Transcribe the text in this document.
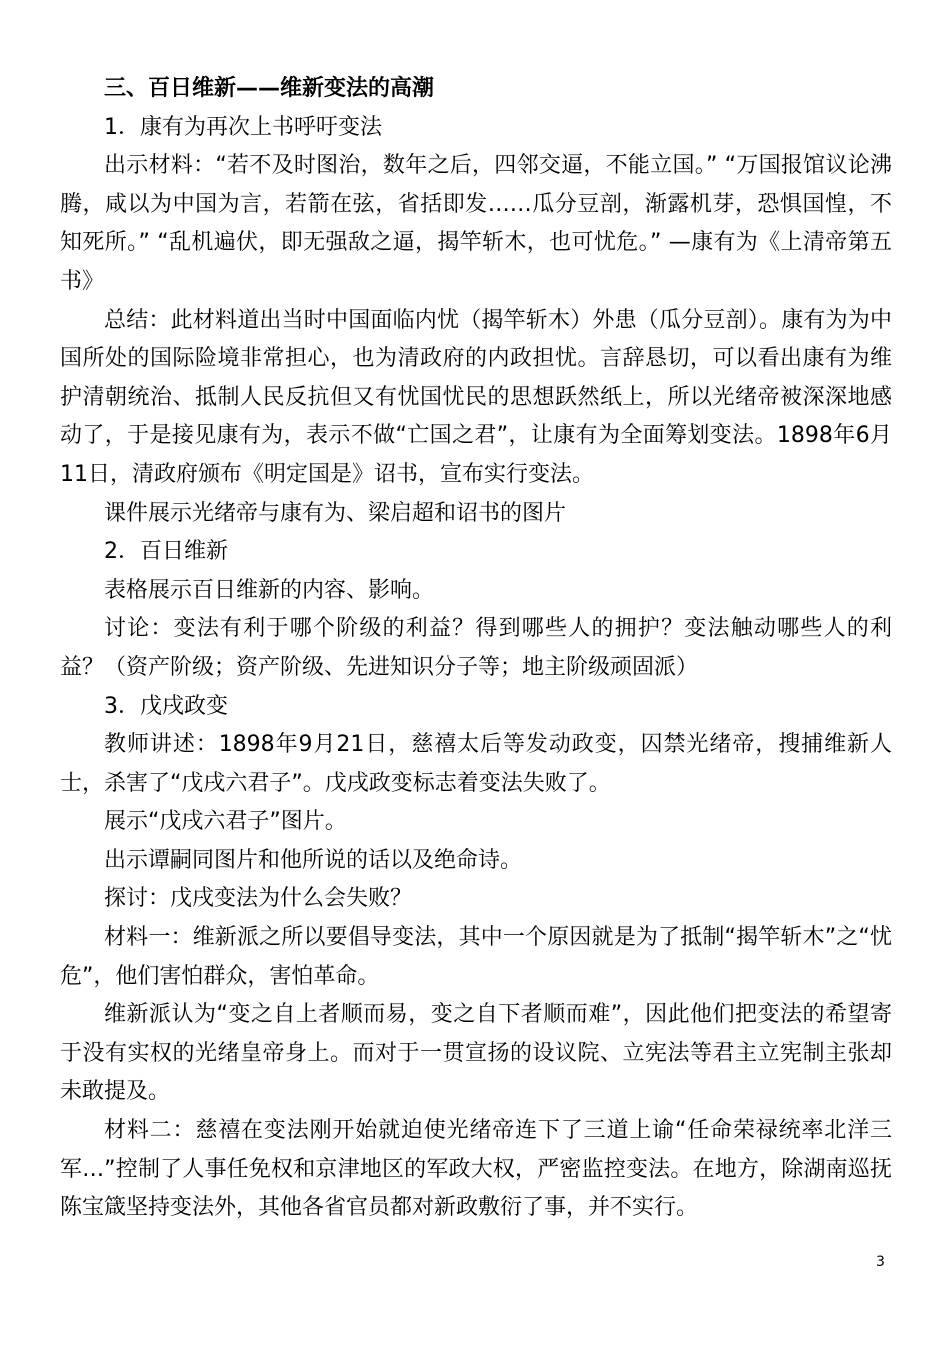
三、百日维新——维新变法的高潮

1．康有为再次上书呼吁变法

出示材料：“若不及时图治，数年之后，四邻交逼，不能立国。” “万国报馆议论沸腾，咸以为中国为言，若箭在弦，省括即发……瓜分豆剖，渐露机芽，恐惧国惶，不知死所。” “乱机遍伏，即无强敌之逼，揭竿斩木，也可忧危。” —康有为《上清帝第五书》

总结：此材料道出当时中国面临内忧（揭竿斩木）外患（瓜分豆剖）。康有为为中国所处的国际险境非常担心，也为清政府的内政担忧。言辞恳切，可以看出康有为维护清朝统治、抵制人民反抗但又有忧国忧民的思想跃然纸上，所以光绪帝被深深地感动了，于是接见康有为，表示不做“亡国之君”，让康有为全面筹划变法。1898年6月11日，清政府颁布《明定国是》诏书，宣布实行变法。

课件展示光绪帝与康有为、梁启超和诏书的图片

2．百日维新

表格展示百日维新的内容、影响。

讨论：变法有利于哪个阶级的利益？得到哪些人的拥护？变法触动哪些人的利益？（资产阶级；资产阶级、先进知识分子等；地主阶级顽固派）

3．戊戌政变

教师讲述：1898年9月21日，慈禧太后等发动政变，囚禁光绪帝，搜捕维新人士，杀害了“戊戌六君子”。戊戌政变标志着变法失败了。

展示“戊戌六君子”图片。

出示谭嗣同图片和他所说的话以及绝命诗。

探讨：戊戌变法为什么会失败？

材料一：维新派之所以要倡导变法，其中一个原因就是为了抵制“揭竿斩木”之“忧危”，他们害怕群众，害怕革命。

维新派认为“变之自上者顺而易，变之自下者顺而难”，因此他们把变法的希望寄于没有实权的光绪皇帝身上。而对于一贯宣扬的设议院、立宪法等君主立宪制主张却未敢提及。

材料二：慈禧在变法刚开始就迫使光绪帝连下了三道上谕“任命荣禄统率北洋三军…”控制了人事任免权和京津地区的军政大权，严密监控变法。在地方，除湖南巡抚陈宝箴坚持变法外，其他各省官员都对新政敷衍了事，并不实行。

3
